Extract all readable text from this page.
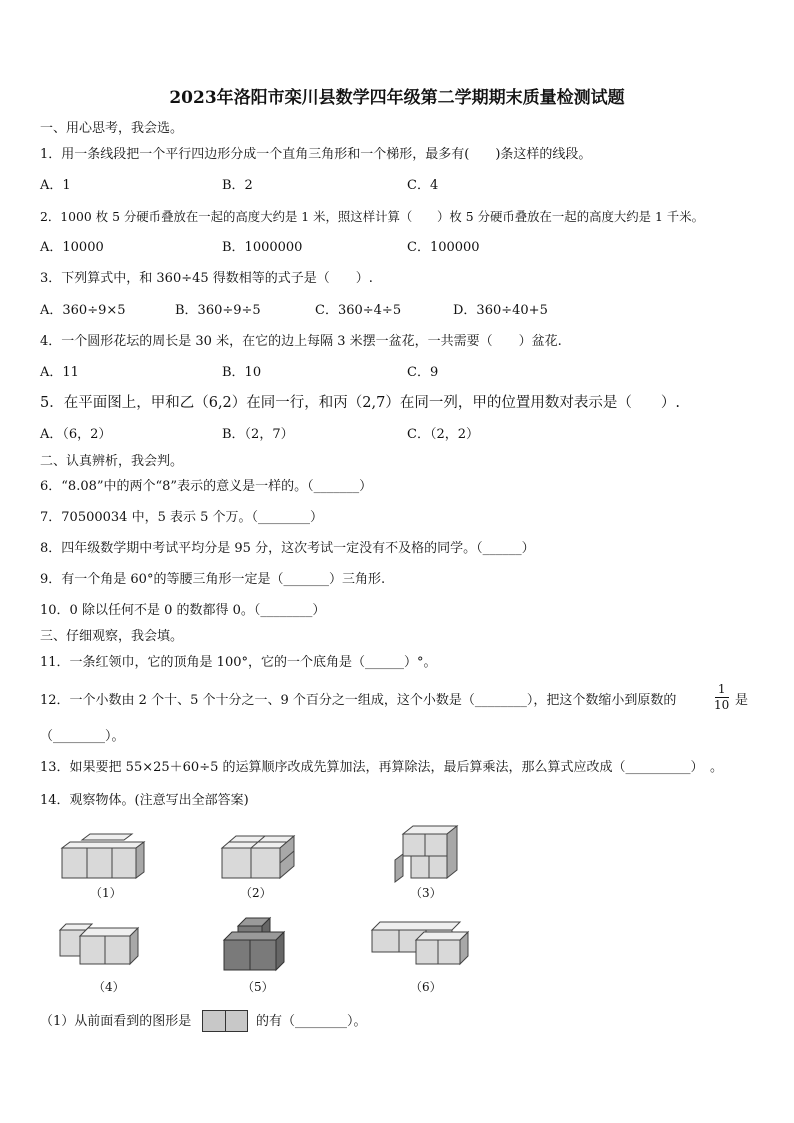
2023年洛阳市栾川县数学四年级第二学期期末质量检测试题
一、用心思考，我会选。
1．用一条线段把一个平行四边形分成一个直角三角形和一个梯形，最多有(　　)条这样的线段。
A．1	B．2	C．4
2．1000 枚 5 分硬币叠放在一起的高度大约是 1 米，照这样计算（　　）枚 5 分硬币叠放在一起的高度大约是 1 千米。
A．10000	B．1000000	C．100000
3．下列算式中，和 360÷45 得数相等的式子是（　　）.
A．360÷9×5	B．360÷9÷5	C．360÷4÷5	D．360÷40+5
4．一个圆形花坛的周长是 30 米，在它的边上每隔 3 米摆一盆花，一共需要（　　）盆花.
A．11	B．10	C．9
5．在平面图上，甲和乙（6,2）在同一行，和丙（2,7）在同一列，甲的位置用数对表示是（　　）.
A．（6，2）	B．（2，7）	C．（2，2）
二、认真辨析，我会判。
6．“8.08”中的两个“8”表示的意义是一样的。（_______）
7．70500034 中，5 表示 5 个万。（________）
8．四年级数学期中考试平均分是 95 分，这次考试一定没有不及格的同学。（______）
9．有一个角是 60°的等腰三角形一定是（_______）三角形.
10．0 除以任何不是 0 的数都得 0。（________）
三、仔细观察，我会填。
11．一条红领巾，它的顶角是 100°，它的一个底角是（______）°。
12．一个小数由 2 个十、5 个十分之一、9 个百分之一组成，这个小数是（________），把这个数缩小到原数的
1
10 是
（________）。
13．如果要把 55×25＋60÷5 的运算顺序改成先算加法，再算除法，最后算乘法，那么算式应改成（__________）　。
14．观察物体。(注意写出全部答案)
（1）	（2）	（3）
（4）	（5）	（6）
（1）从前面看到的图形是	的有（________）。
